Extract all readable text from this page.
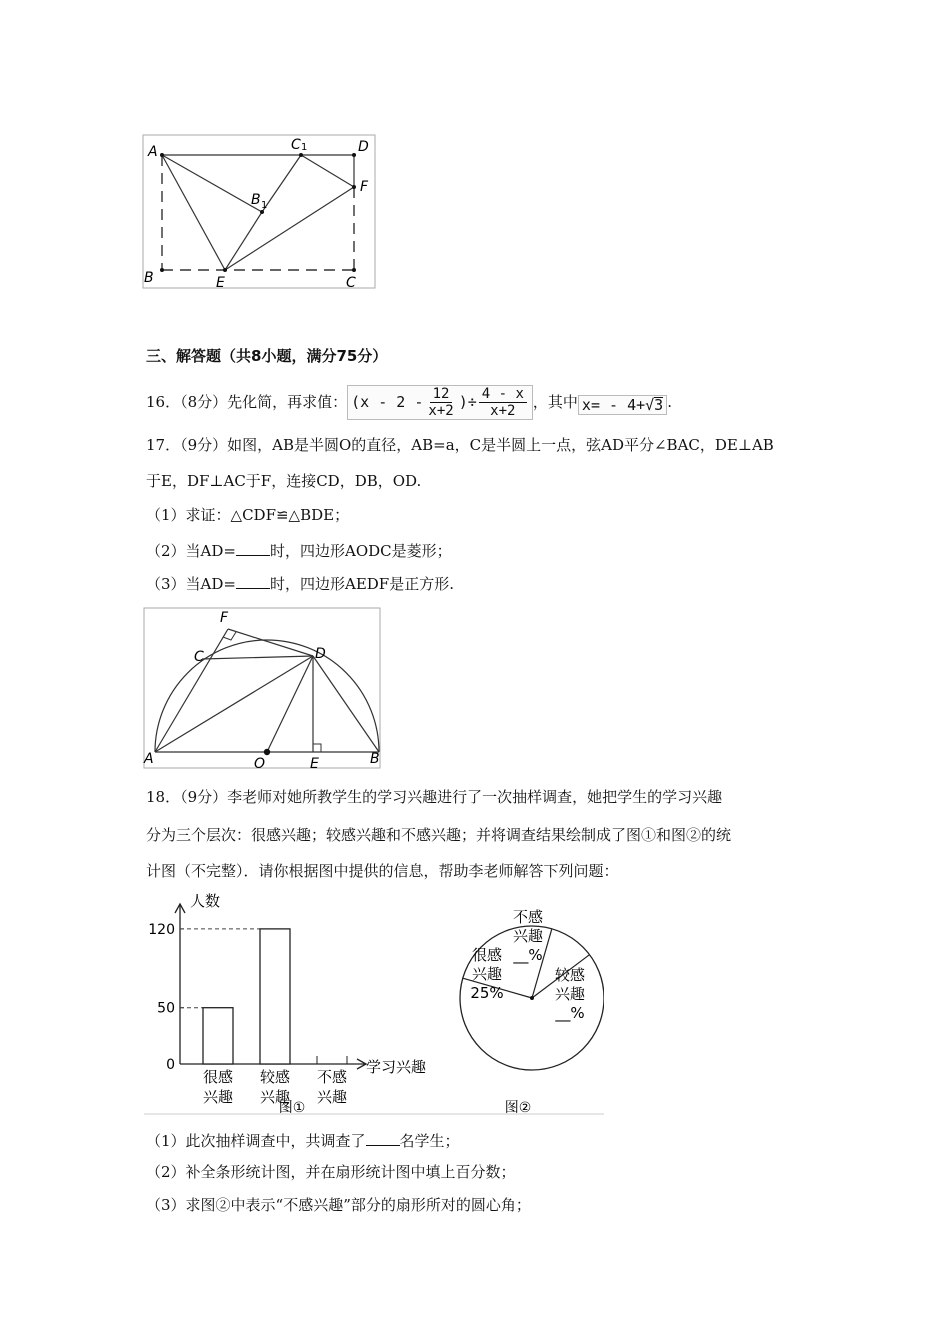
A
B	C
D
E
F
B 1
C 1
三、解答题（共8小题，满分75分）
16．（8分）先化简，再求值： ($x - 2 - \frac{12}{x+2}$ )÷ $\frac{4 - x}{x+2}$ ，其中 x= - 4+ √ 3 .
17．（9分）如图，AB是半圆O的直径，AB=a，C是半圆上一点，弦AD平分∠BAC，DE⊥AB
于E，DF⊥AC于F，连接CD，DB，OD.
（1）求证：△CDF≌△BDE；
（2）当AD= 时，四边形AODC是菱形；
（3）当AD= 时，四边形AEDF是正方形.
F
C	D
A	O	E	B
18．（9分）李老师对她所教学生的学习兴趣进行了一次抽样调查，她把学生的学习兴趣
分为三个层次：很感兴趣；较感兴趣和不感兴趣；并将调查结果绘制成了图①和图②的统
计图（不完整）．请你根据图中提供的信息，帮助李老师解答下列问题：
人数
学习兴趣
0
50
120
很感
兴趣
较感
兴趣
不感
兴趣
图①
很感
兴趣
25%
不感
兴趣
__%
较感
兴趣
__%
图②
（1）此次抽样调查中，共调查了 名学生；
（2）补全条形统计图，并在扇形统计图中填上百分数；
（3）求图②中表示“不感兴趣”部分的扇形所对的圆心角；
